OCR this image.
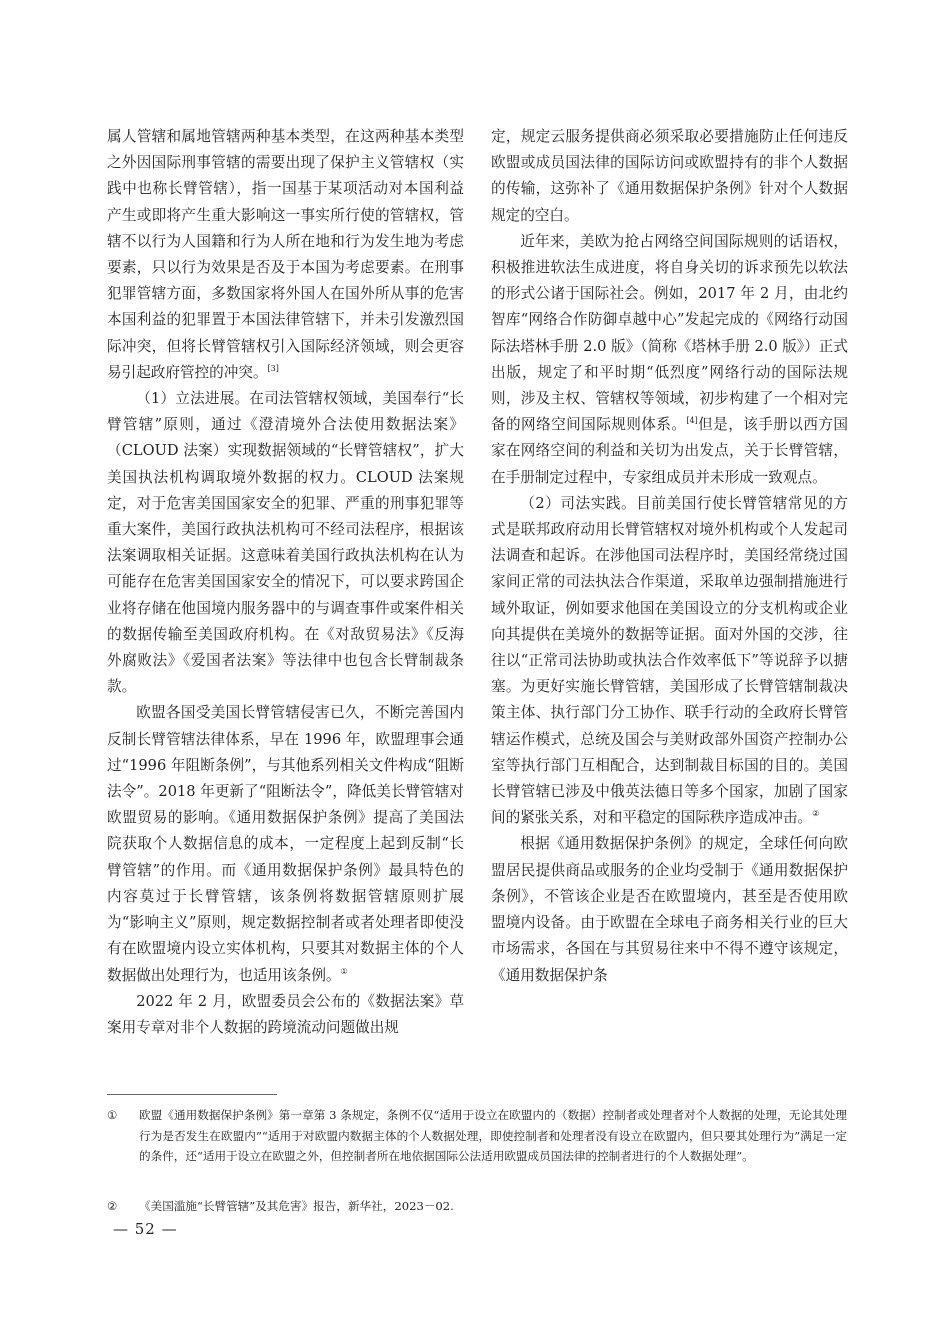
属人管辖和属地管辖两种基本类型，在这两种基本类型之外因国际刑事管辖的需要出现了保护主义管辖权（实践中也称长臂管辖），指一国基于某项活动对本国利益产生或即将产生重大影响这一事实所行使的管辖权，管辖不以行为人国籍和行为人所在地和行为发生地为考虑要素，只以行为效果是否及于本国为考虑要素。在刑事犯罪管辖方面，多数国家将外国人在国外所从事的危害本国利益的犯罪置于本国法律管辖下，并未引发激烈国际冲突，但将长臂管辖权引入国际经济领域，则会更容易引起政府管控的冲突。[3]

（1）立法进展。在司法管辖权领域，美国奉行“长臂管辖”原则，通过《澄清境外合法使用数据法案》（CLOUD 法案）实现数据领域的“长臂管辖权”，扩大美国执法机构调取境外数据的权力。CLOUD 法案规定，对于危害美国国家安全的犯罪、严重的刑事犯罪等重大案件，美国行政执法机构可不经司法程序，根据该法案调取相关证据。这意味着美国行政执法机构在认为可能存在危害美国国家安全的情况下，可以要求跨国企业将存储在他国境内服务器中的与调查事件或案件相关的数据传输至美国政府机构。在《对敌贸易法》《反海外腐败法》《爱国者法案》等法律中也包含长臂制裁条款。

欧盟各国受美国长臂管辖侵害已久，不断完善国内反制长臂管辖法律体系，早在 1996 年，欧盟理事会通过“1996 年阻断条例”，与其他系列相关文件构成“阻断法令”。2018 年更新了“阻断法令”，降低美长臂管辖对欧盟贸易的影响。《通用数据保护条例》提高了美国法院获取个人数据信息的成本，一定程度上起到反制“长臂管辖”的作用。而《通用数据保护条例》最具特色的内容莫过于长臂管辖，该条例将数据管辖原则扩展为“影响主义”原则，规定数据控制者或者处理者即使没有在欧盟境内设立实体机构，只要其对数据主体的个人数据做出处理行为，也适用该条例。①

2022 年 2 月，欧盟委员会公布的《数据法案》草案用专章对非个人数据的跨境流动问题做出规

定，规定云服务提供商必须采取必要措施防止任何违反欧盟或成员国法律的国际访问或欧盟持有的非个人数据的传输，这弥补了《通用数据保护条例》针对个人数据规定的空白。

近年来，美欧为抢占网络空间国际规则的话语权，积极推进软法生成进度，将自身关切的诉求预先以软法的形式公诸于国际社会。例如，2017 年 2 月，由北约智库“网络合作防御卓越中心”发起完成的《网络行动国际法塔林手册 2.0 版》（简称《塔林手册 2.0 版》）正式出版，规定了和平时期“低烈度”网络行动的国际法规则，涉及主权、管辖权等领域，初步构建了一个相对完备的网络空间国际规则体系。[4]但是，该手册以西方国家在网络空间的利益和关切为出发点，关于长臂管辖，在手册制定过程中，专家组成员并未形成一致观点。

（2）司法实践。目前美国行使长臂管辖常见的方式是联邦政府动用长臂管辖权对境外机构或个人发起司法调查和起诉。在涉他国司法程序时，美国经常绕过国家间正常的司法执法合作渠道，采取单边强制措施进行域外取证，例如要求他国在美国设立的分支机构或企业向其提供在美境外的数据等证据。面对外国的交涉，往往以“正常司法协助或执法合作效率低下”等说辞予以搪塞。为更好实施长臂管辖，美国形成了长臂管辖制裁决策主体、执行部门分工协作、联手行动的全政府长臂管辖运作模式，总统及国会与美财政部外国资产控制办公室等执行部门互相配合，达到制裁目标国的目的。美国长臂管辖已涉及中俄英法德日等多个国家，加剧了国家间的紧张关系，对和平稳定的国际秩序造成冲击。②

根据《通用数据保护条例》的规定，全球任何向欧盟居民提供商品或服务的企业均受制于《通用数据保护条例》，不管该企业是否在欧盟境内，甚至是否使用欧盟境内设备。由于欧盟在全球电子商务相关行业的巨大市场需求，各国在与其贸易往来中不得不遵守该规定，《通用数据保护条

① 欧盟《通用数据保护条例》第一章第 3 条规定，条例不仅“适用于设立在欧盟内的（数据）控制者或处理者对个人数据的处理，无论其处理行为是否发生在欧盟内”“适用于对欧盟内数据主体的个人数据处理，即使控制者和处理者没有设立在欧盟内，但只要其处理行为”满足一定的条件，还“适用于设立在欧盟之外，但控制者所在地依据国际公法适用欧盟成员国法律的控制者进行的个人数据处理”。
② 《美国滥施“长臂管辖”及其危害》报告，新华社，2023－02.
— 52 —
